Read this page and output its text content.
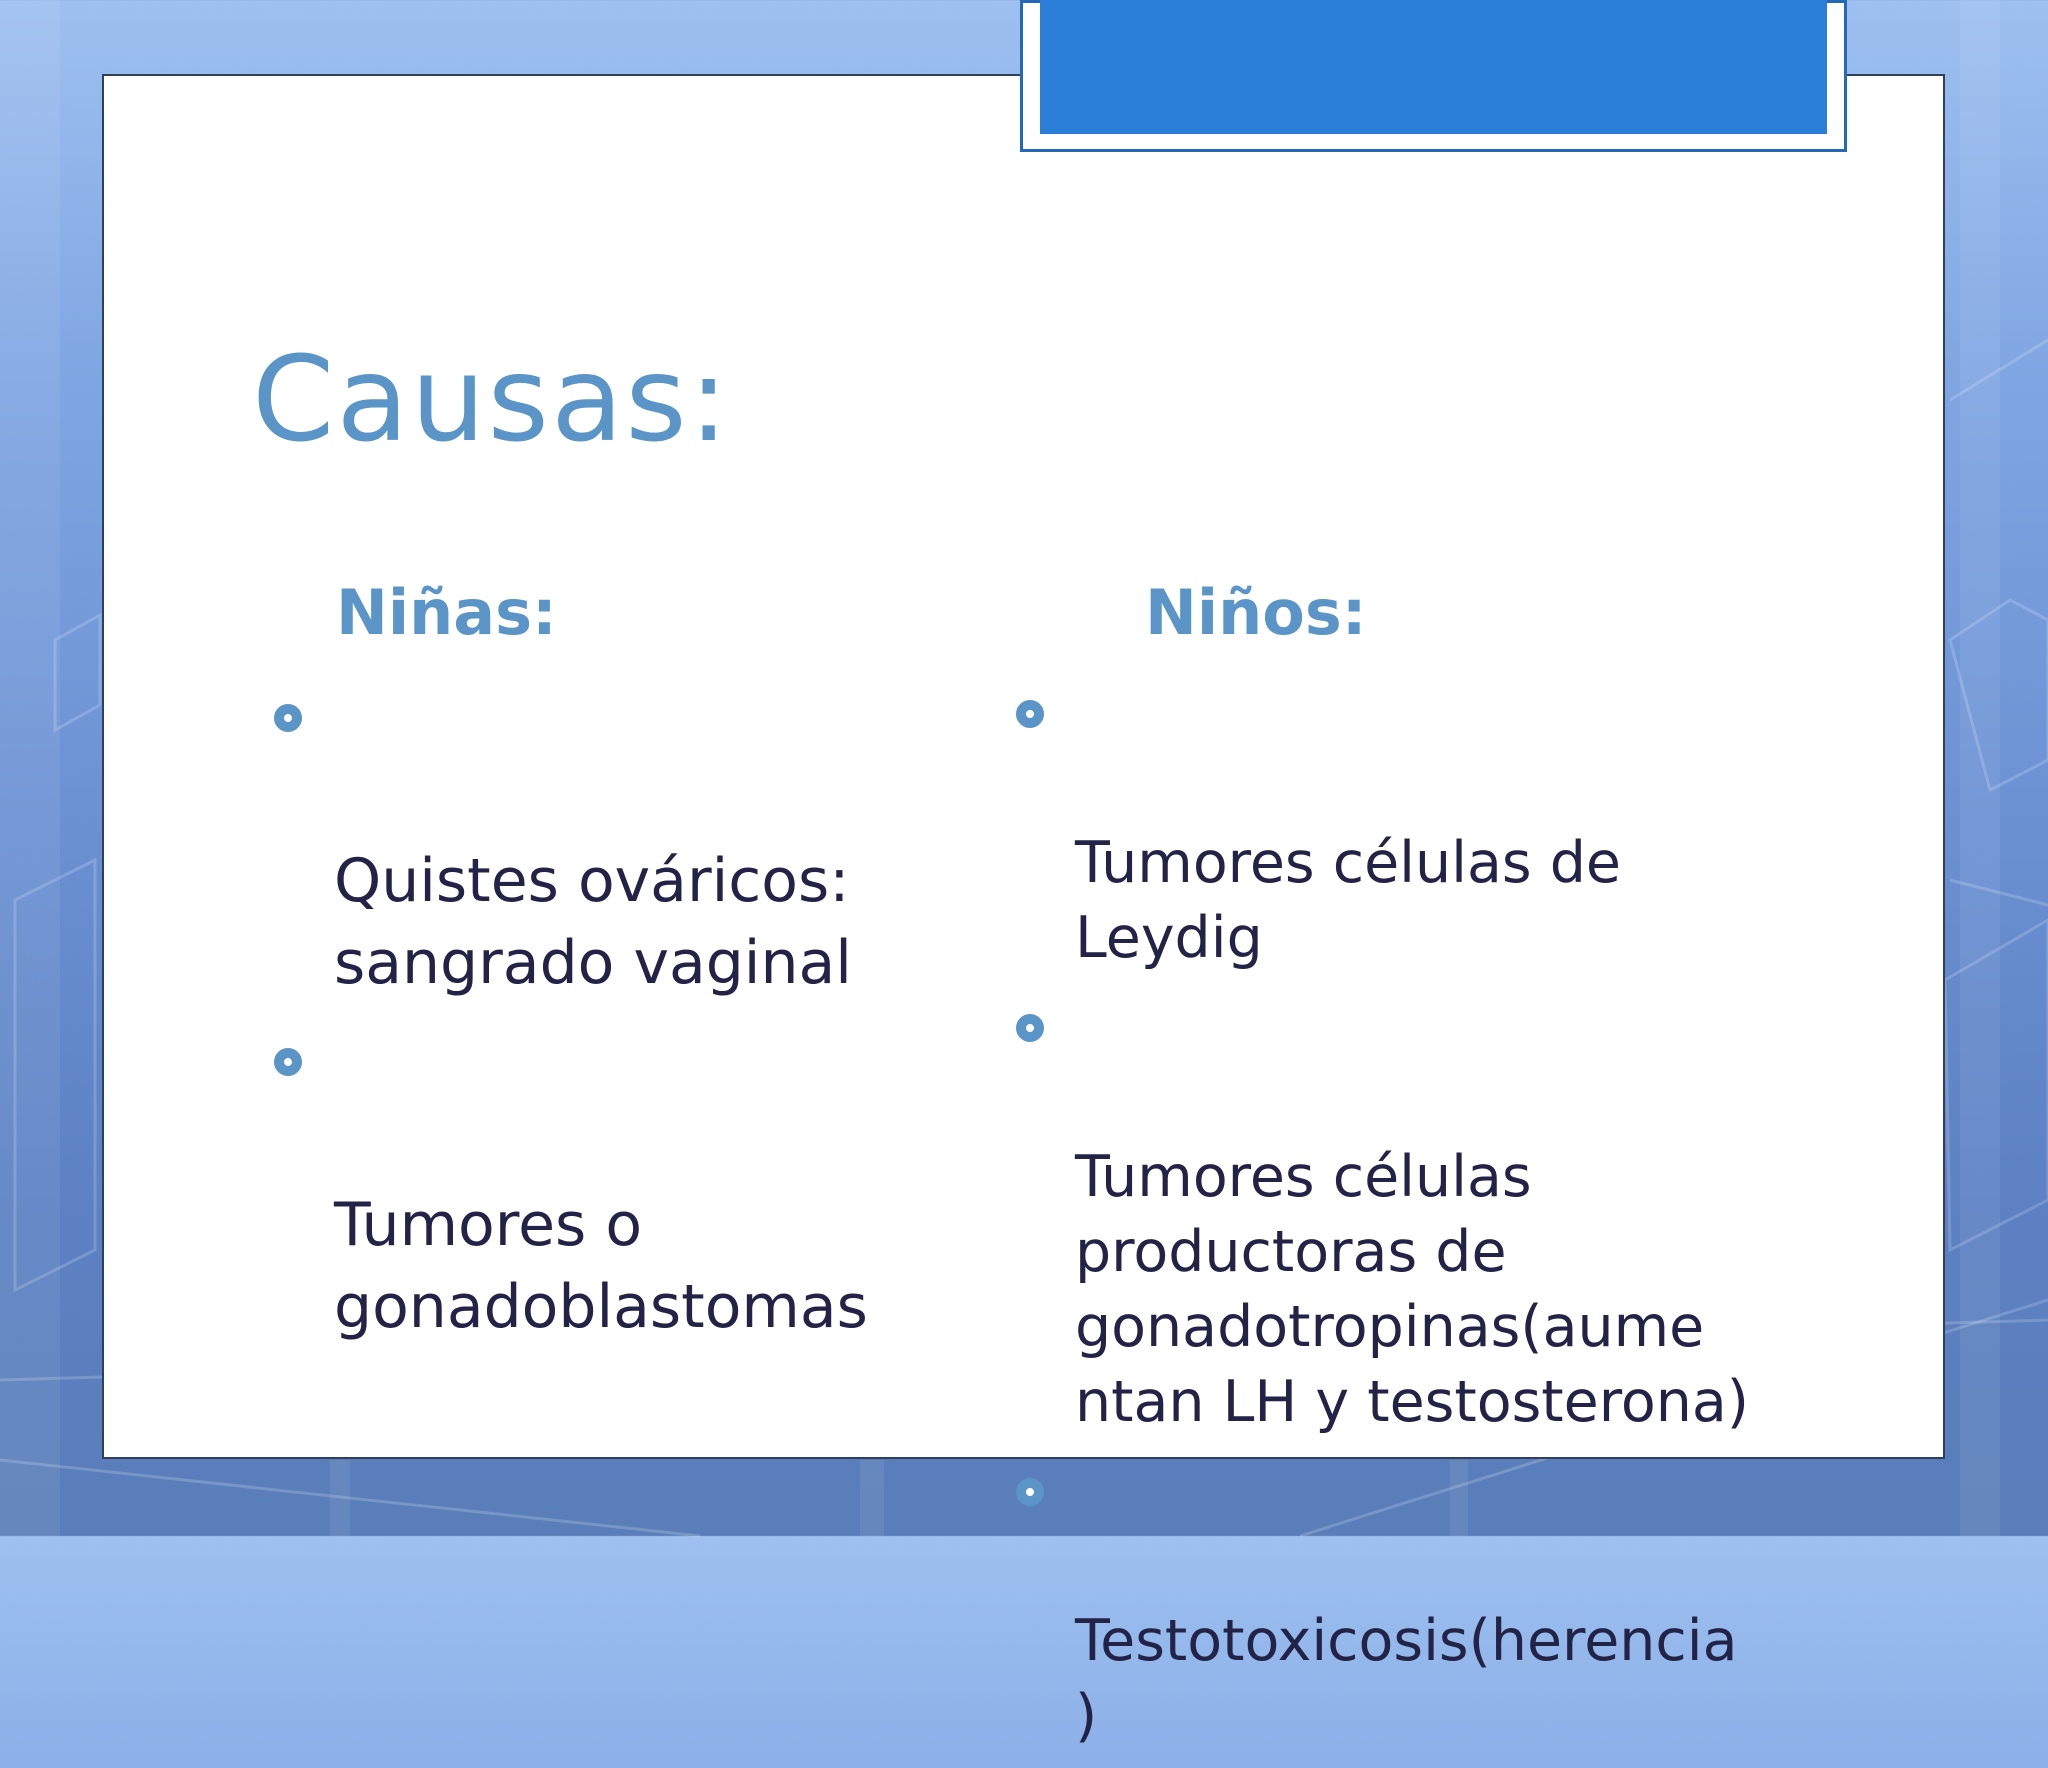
Causas:
Niñas:	Niños:

Quistes ováricos:
sangrado vaginal

Tumores o
gonadoblastomas

Tumores células de
Leydig

Tumores células
productoras de
gonadotropinas(aume
ntan LH y testosterona)

Testotoxicosis(herencia
)
